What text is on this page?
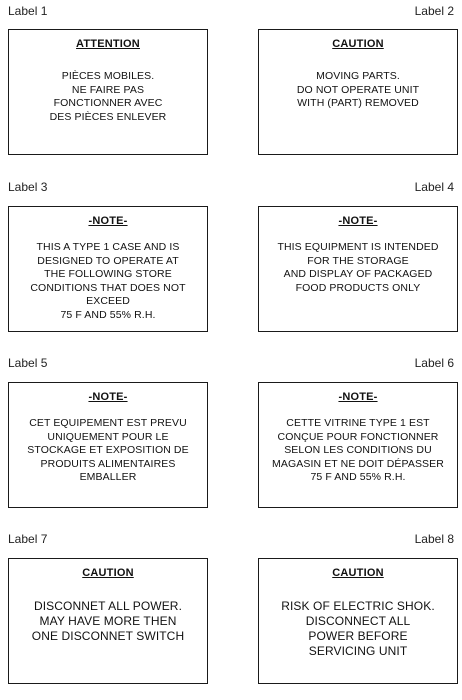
Label 1	Label 2
ATTENTION
PIÈCES MOBILES.
NE FAIRE PAS
FONCTIONNER AVEC
DES PIÈCES ENLEVER
CAUTION
MOVING PARTS.
DO NOT OPERATE UNIT
WITH (PART) REMOVED
Label 3	Label 4
-NOTE-
THIS A TYPE 1 CASE AND IS
DESIGNED TO OPERATE AT
THE FOLLOWING STORE
CONDITIONS THAT DOES NOT
EXCEED
75 F AND 55% R.H.
-NOTE-
THIS EQUIPMENT IS INTENDED
FOR THE STORAGE
AND DISPLAY OF PACKAGED
FOOD PRODUCTS ONLY
Label 5	Label 6
-NOTE-
CET EQUIPEMENT EST PREVU
UNIQUEMENT POUR LE
STOCKAGE ET EXPOSITION DE
PRODUITS ALIMENTAIRES
EMBALLER
-NOTE-
CETTE VITRINE TYPE 1 EST
CONÇUE POUR FONCTIONNER
SELON LES CONDITIONS DU
MAGASIN ET NE DOIT DÉPASSER
75 F AND 55% R.H.
Label 7	Label 8
CAUTION
DISCONNET ALL POWER.
MAY HAVE MORE THEN
ONE DISCONNET SWITCH
CAUTION
RISK OF ELECTRIC SHOK.
DISCONNECT ALL
POWER BEFORE
SERVICING UNIT
